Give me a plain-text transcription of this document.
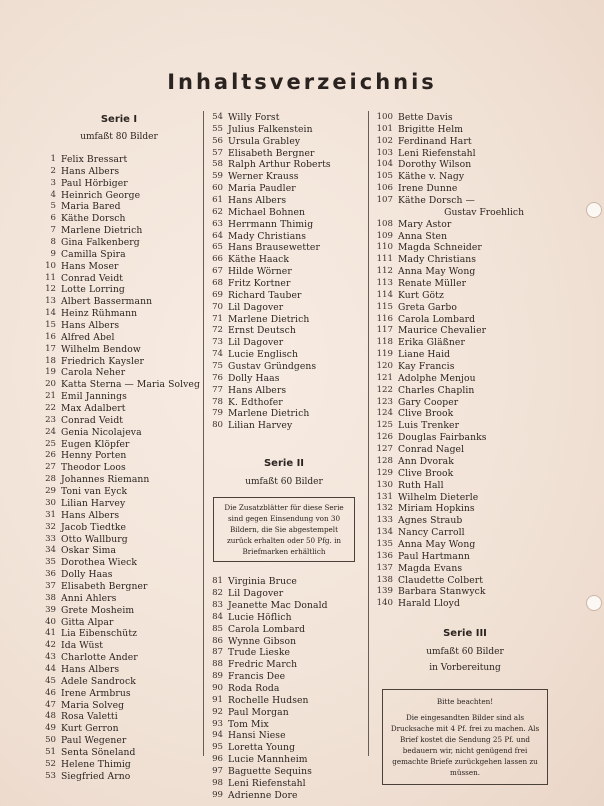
Inhaltsverzeichnis
Serie I
umfaßt 80 Bilder
1 Felix Bressart
2 Hans Albers
3 Paul Hörbiger
4 Heinrich George
5 Maria Bared
6 Käthe Dorsch
7 Marlene Dietrich
8 Gina Falkenberg
9 Camilla Spira
10 Hans Moser
11 Conrad Veidt
12 Lotte Lorring
13 Albert Bassermann
14 Heinz Rühmann
15 Hans Albers
16 Alfred Abel
17 Wilhelm Bendow
18 Friedrich Kaysler
19 Carola Neher
20 Katta Sterna — Maria Solveg
21 Emil Jannings
22 Max Adalbert
23 Conrad Veidt
24 Genia Nicolajeva
25 Eugen Klöpfer
26 Henny Porten
27 Theodor Loos
28 Johannes Riemann
29 Toni van Eyck
30 Lilian Harvey
31 Hans Albers
32 Jacob Tiedtke
33 Otto Wallburg
34 Oskar Sima
35 Dorothea Wieck
36 Dolly Haas
37 Elisabeth Bergner
38 Anni Ahlers
39 Grete Mosheim
40 Gitta Alpar
41 Lia Eibenschütz
42 Ida Wüst
43 Charlotte Ander
44 Hans Albers
45 Adele Sandrock
46 Irene Armbrus
47 Maria Solveg
48 Rosa Valetti
49 Kurt Gerron
50 Paul Wegener
51 Senta Söneland
52 Helene Thimig
53 Siegfried Arno
54 Willy Forst
55 Julius Falkenstein
56 Ursula Grabley
57 Elisabeth Bergner
58 Ralph Arthur Roberts
59 Werner Krauss
60 Maria Paudler
61 Hans Albers
62 Michael Bohnen
63 Herrmann Thimig
64 Mady Christians
65 Hans Brausewetter
66 Käthe Haack
67 Hilde Wörner
68 Fritz Kortner
69 Richard Tauber
70 Lil Dagover
71 Marlene Dietrich
72 Ernst Deutsch
73 Lil Dagover
74 Lucie Englisch
75 Gustav Gründgens
76 Dolly Haas
77 Hans Albers
78 K. Edthofer
79 Marlene Dietrich
80 Lilian Harvey
Serie II
umfaßt 60 Bilder
Die Zusatzblätter für diese Serie sind gegen Einsendung von 30 Bildern, die Sie abgestempelt zurück erhalten oder 50 Pfg. in Briefmarken erhältlich
81 Virginia Bruce
82 Lil Dagover
83 Jeanette Mac Donald
84 Lucie Höflich
85 Carola Lombard
86 Wynne Gibson
87 Trude Lieske
88 Fredric March
89 Francis Dee
90 Roda Roda
91 Rochelle Hudsen
92 Paul Morgan
93 Tom Mix
94 Hansi Niese
95 Loretta Young
96 Lucie Mannheim
97 Baguette Sequins
98 Leni Riefenstahl
99 Adrienne Dore
100 Bette Davis
101 Brigitte Helm
102 Ferdinand Hart
103 Leni Riefenstahl
104 Dorothy Wilson
105 Käthe v. Nagy
106 Irene Dunne
107 Käthe Dorsch —
Gustav Froehlich
108 Mary Astor
109 Anna Sten
110 Magda Schneider
111 Mady Christians
112 Anna May Wong
113 Renate Müller
114 Kurt Götz
115 Greta Garbo
116 Carola Lombard
117 Maurice Chevalier
118 Erika Gläßner
119 Liane Haid
120 Kay Francis
121 Adolphe Menjou
122 Charles Chaplin
123 Gary Cooper
124 Clive Brook
125 Luis Trenker
126 Douglas Fairbanks
127 Conrad Nagel
128 Ann Dvorak
129 Clive Brook
130 Ruth Hall
131 Wilhelm Dieterle
132 Miriam Hopkins
133 Agnes Straub
134 Nancy Carroll
135 Anna May Wong
136 Paul Hartmann
137 Magda Evans
138 Claudette Colbert
139 Barbara Stanwyck
140 Harald Lloyd
Serie III
umfaßt 60 Bilder
in Vorbereitung
Bitte beachten!
Die eingesandten Bilder sind als Drucksache mit 4 Pf. frei zu machen. Als Brief kostet die Sendung 25 Pf. und bedauern wir, nicht genügend frei gemachte Briefe zurückgehen lassen zu müssen.
